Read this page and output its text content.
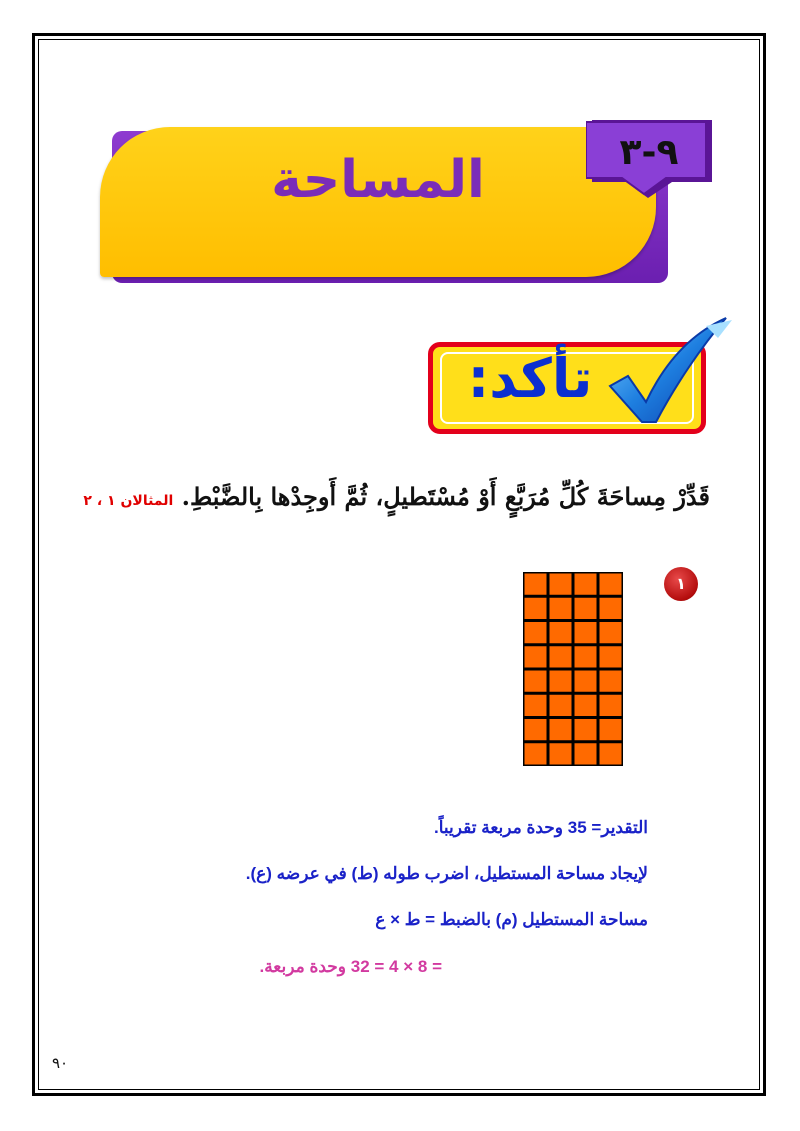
المساحة	٩-٣
تأكد:
قَدِّرْ مِساحَةَ كُلِّ مُرَبَّعٍ أَوْ مُسْتَطيلٍ، ثُمَّ أَوجِدْها بِالضَّبْطِ. المثالان ١ ، ٢
١
التقدير= 35 وحدة مربعة تقريباً.
لإيجاد مساحة المستطيل، اضرب طوله (ط) في عرضه (ع).
مساحة المستطيل (م) بالضبط = ط × ع
= 8 × 4 = 32 وحدة مربعة.
٩٠
